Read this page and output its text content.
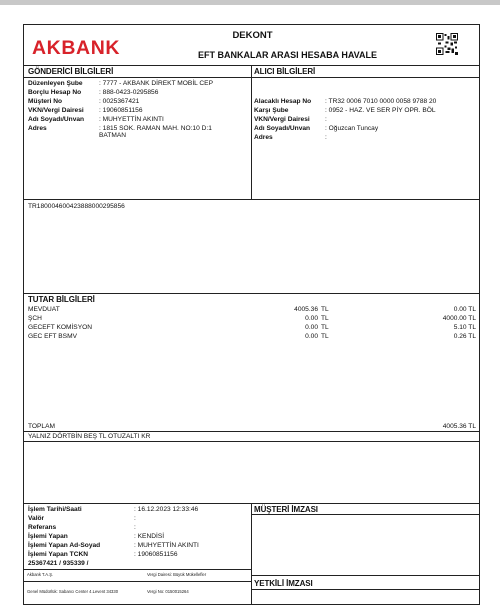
AKBANK
DEKONT
EFT BANKALAR ARASI HESABA HAVALE
GÖNDERİCİ BİLGİLERİ	ALICI BİLGİLERİ
Düzenleyen Şube : 7777 - AKBANK DİREKT MOBİL CEP
Borçlu Hesap No	: 888-0423-0295856
Müşteri No	: 0025367421
VKN/Vergi Dairesi : 19060851156
Adı Soyadı/Unvan : MUHYETTİN AKINTI
Adres	: 1815 SOK. RAMAN MAH. NO:10 D:1 BATMAN
Alacaklı Hesap No : TR32 0006 7010 0000 0058 9788 20
Karşı Şube	: 0952 - HAZ. VE SER PİY OPR. BÖL
VKN/Vergi Dairesi :
Adı Soyadı/Unvan : Oğuzcan Tuncay
Adres	:
TR18000460042388800029585​6
TUTAR BİLGİLERİ
MEVDUAT	4005.36 TL	0.00 TL
ŞCH	0.00 TL	4000.00 TL
GECEFT KOMİSYON	0.00 TL	5.10 TL
GEC EFT BSMV	0.00 TL	0.26 TL
TOPLAM	4005.36 TL
YALNIZ DÖRTBİN BEŞ TL OTUZALTI KR
MÜŞTERİ İMZASI
İşlem Tarihi/Saati	: 16.12.2023 12:33:46
Valör	:
Referans	:
İşlemi Yapan	: KENDİSİ
İşlemi Yapan Ad-Soyad	: MUHYETTİN AKINTI
İşlemi Yapan TCKN	: 19060851156
25367421 / 935339 /
YETKİLİ İMZASI
Akbank T.A.Ş.	Vergi Dairesi: Büyük Mükellefler
Genel Müdürlük: Sabancı Center 4.Levent 34330	Vergi No: 0150015264
